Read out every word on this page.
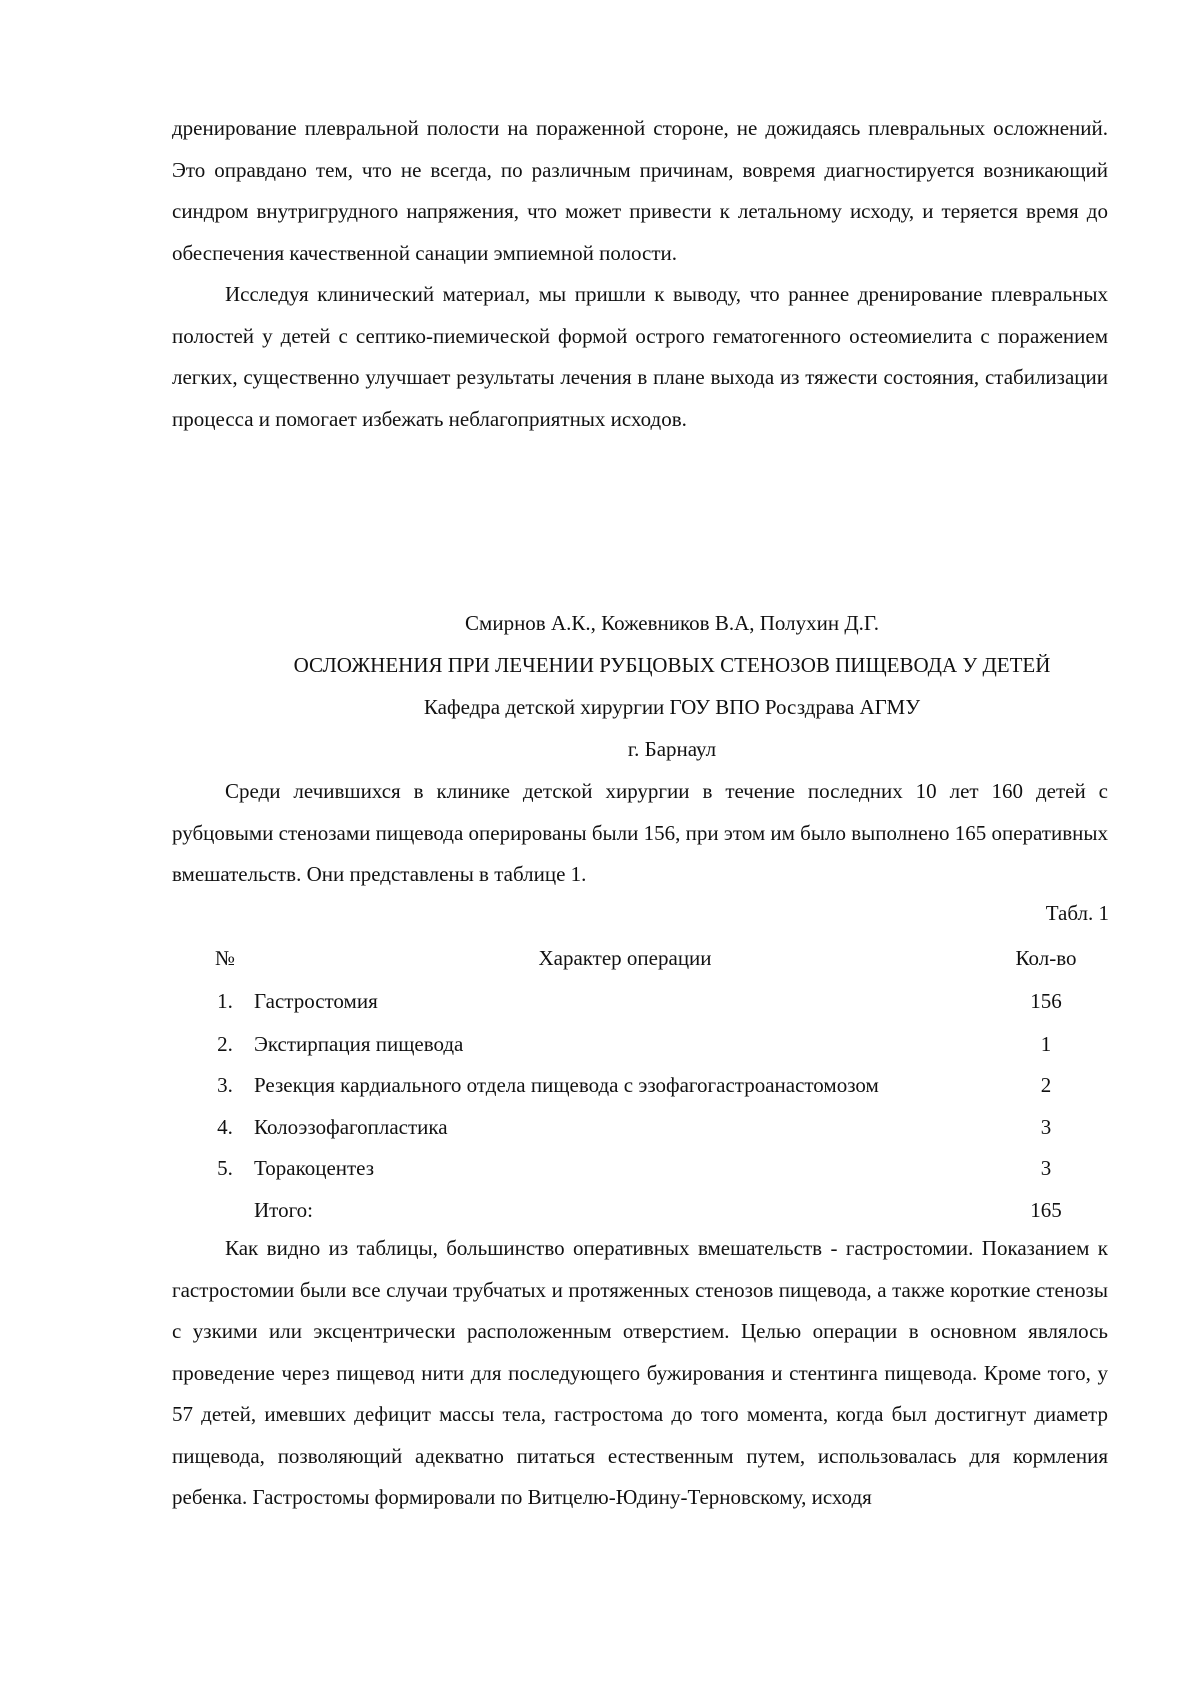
дренирование плевральной полости на пораженной стороне, не дожидаясь плевральных осложнений. Это оправдано тем, что не всегда, по различным причинам, вовремя диагностируется возникающий синдром внутригрудного напряжения, что может привести к летальному исходу, и теряется время до обеспечения качественной санации эмпиемной полости.

Исследуя клинический материал, мы пришли к выводу, что раннее дренирование плевральных полостей у детей с септико-пиемической формой острого гематогенного остеомиелита с поражением легких, существенно улучшает результаты лечения в плане выхода из тяжести состояния, стабилизации процесса и помогает избежать неблагоприятных исходов.

Смирнов А.К., Кожевников В.А, Полухин Д.Г.

ОСЛОЖНЕНИЯ ПРИ ЛЕЧЕНИИ РУБЦОВЫХ СТЕНОЗОВ ПИЩЕВОДА У ДЕТЕЙ

Кафедра детской хирургии ГОУ ВПО Росздрава АГМУ

г. Барнаул

Среди лечившихся в клинике детской хирургии в течение последних 10 лет 160 детей с рубцовыми стенозами пищевода оперированы были 156, при этом им было выполнено 165 оперативных вмешательств. Они представлены в таблице 1.

Табл. 1

№	Характер операции	Кол-во
1.	Гастростомия	156
2.	Экстирпация пищевода	1
3.	Резекция кардиального отдела пищевода с эзофагогастроанастомозом	2
4.	Колоэзофагопластика	3
5.	Торакоцентез	3
	Итого:	165

Как видно из таблицы, большинство оперативных вмешательств - гастростомии. Показанием к гастростомии были все случаи трубчатых и протяженных стенозов пищевода, а также короткие стенозы с узкими или эксцентрически расположенным отверстием. Целью операции в основном являлось проведение через пищевод нити для последующего бужирования и стентинга пищевода. Кроме того, у 57 детей, имевших дефицит массы тела, гастростома до того момента, когда был достигнут диаметр пищевода, позволяющий адекватно питаться естественным путем, использовалась для кормления ребенка. Гастростомы формировали по Витцелю-Юдину-Терновскому, исходя
